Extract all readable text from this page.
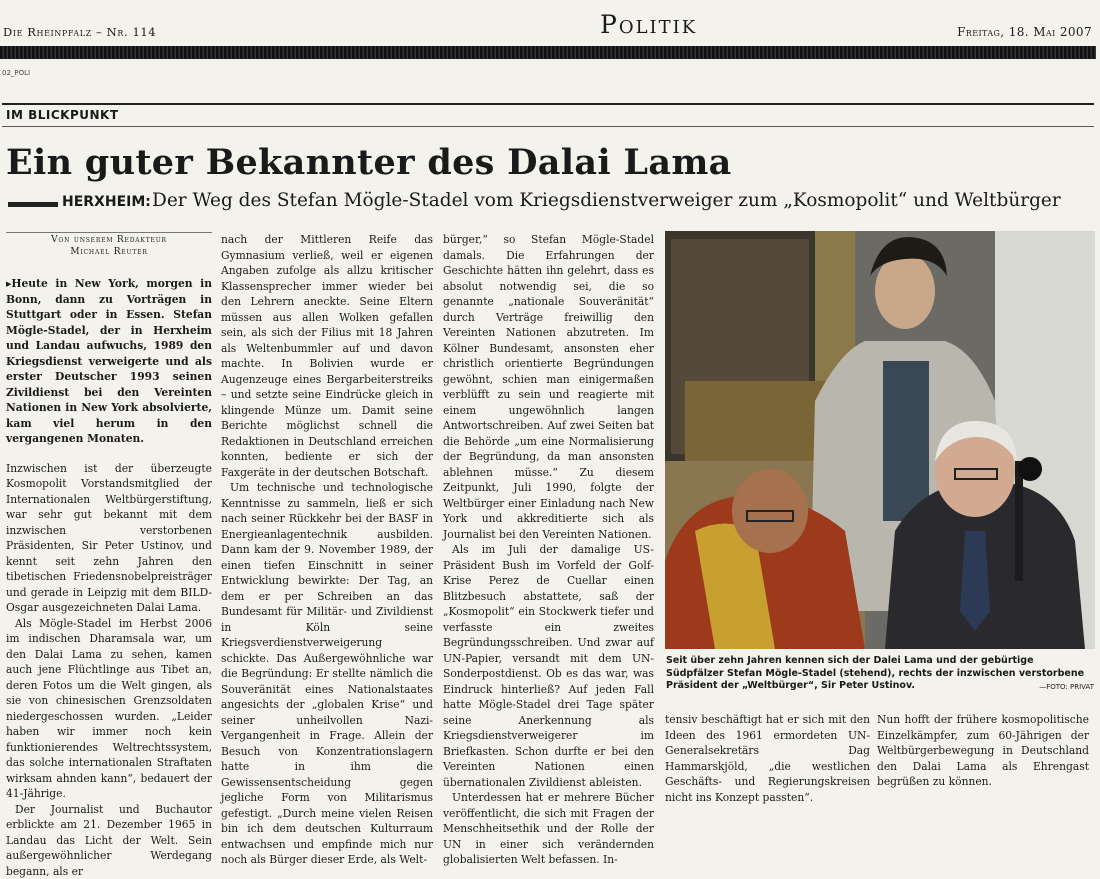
Die Rheinpfalz – Nr. 114	Politik	Freitag, 18. Mai 2007
02_POLI
IM BLICKPUNKT
Ein guter Bekannter des Dalai Lama
HERXHEIM: Der Weg des Stefan Mögle-Stadel vom Kriegsdienstverweiger zum „Kosmopolit“ und Weltbürger
Von unserem Redakteur
Michael Reuter
▸ Heute in New York, morgen in Bonn, dann zu Vorträgen in Stuttgart oder in Essen. Stefan Mögle-Stadel, der in Herxheim und Landau aufwuchs, 1989 den Kriegsdienst verweigerte und als erster Deutscher 1993 seinen Zivildienst bei den Vereinten Nationen in New York absolvierte, kam viel herum in den vergangenen Monaten.

Inzwischen ist der überzeugte Kosmopolit Vorstandsmitglied der Internationalen Weltbürgerstiftung, war sehr gut bekannt mit dem inzwischen verstorbenen Präsidenten, Sir Peter Ustinov, und kennt seit zehn Jahren den tibetischen Friedensnobelpreisträger und gerade in Leipzig mit dem BILD-Osgar ausgezeichneten Dalai Lama.

Als Mögle-Stadel im Herbst 2006 im indischen Dharamsala war, um den Dalai Lama zu sehen, kamen auch jene Flüchtlinge aus Tibet an, deren Fotos um die Welt gingen, als sie von chinesischen Grenzsoldaten niedergeschossen wurden. „Leider haben wir immer noch kein funktionierendes Weltrechtssystem, das solche internationalen Straftaten wirksam ahnden kann“, bedauert der 41-Jährige.

Der Journalist und Buchautor erblickte am 21. Dezember 1965 in Landau das Licht der Welt. Sein außergewöhnlicher Werdegang begann, als er

nach der Mittleren Reife das Gymnasium verließ, weil er eigenen Angaben zufolge als allzu kritischer Klassensprecher immer wieder bei den Lehrern aneckte. Seine Eltern müssen aus allen Wolken gefallen sein, als sich der Filius mit 18 Jahren als Weltenbummler auf und davon machte. In Bolivien wurde er Augenzeuge eines Bergarbeiterstreiks – und setzte seine Eindrücke gleich in klingende Münze um. Damit seine Berichte möglichst schnell die Redaktionen in Deutschland erreichen konnten, bediente er sich der Faxgeräte in der deutschen Botschaft.

Um technische und technologische Kenntnisse zu sammeln, ließ er sich nach seiner Rückkehr bei der BASF in Energieanlagentechnik ausbilden. Dann kam der 9. November 1989, der einen tiefen Einschnitt in seiner Entwicklung bewirkte: Der Tag, an dem er per Schreiben an das Bundesamt für Militär- und Zivildienst in Köln seine Kriegsverdienstverweigerung schickte. Das Außergewöhnliche war die Begründung: Er stellte nämlich die Souveränität eines Nationalstaates angesichts der „globalen Krise“ und seiner unheilvollen Nazi-Vergangenheit in Frage. Allein der Besuch von Konzentrationslagern hatte in ihm die Gewissensentscheidung gegen jegliche Form von Militarismus gefestigt. „Durch meine vielen Reisen bin ich dem deutschen Kulturraum entwachsen und empfinde mich nur noch als Bürger dieser Erde, als Welt-

bürger,“ so Stefan Mögle-Stadel damals. Die Erfahrungen der Geschichte hätten ihn gelehrt, dass es absolut notwendig sei, die so genannte „nationale Souveränität“ durch Verträge freiwillig den Vereinten Nationen abzutreten. Im Kölner Bundesamt, ansonsten eher christlich orientierte Begründungen gewöhnt, schien man einigermaßen verblüfft zu sein und reagierte mit einem ungewöhnlich langen Antwortschreiben. Auf zwei Seiten bat die Behörde „um eine Normalisierung der Begründung, da man ansonsten ablehnen müsse.“ Zu diesem Zeitpunkt, Juli 1990, folgte der Weltbürger einer Einladung nach New York und akkreditierte sich als Journalist bei den Vereinten Nationen.

Als im Juli der damalige US-Präsident Bush im Vorfeld der Golf-Krise Perez de Cuellar einen Blitzbesuch abstattete, saß der „Kosmopolit“ ein Stockwerk tiefer und verfasste ein zweites Begründungsschreiben. Und zwar auf UN-Papier, versandt mit dem UN-Sonderpostdienst. Ob es das war, was Eindruck hinterließ? Auf jeden Fall hatte Mögle-Stadel drei Tage später seine Anerkennung als Kriegsdienstverweigerer im Briefkasten. Schon durfte er bei den Vereinten Nationen einen übernationalen Zivildienst ableisten.

Unterdessen hat er mehrere Bücher veröffentlicht, die sich mit Fragen der Menschheitsethik und der Rolle der UN in einer sich verändernden globalisierten Welt befassen. In-

Seit über zehn Jahren kennen sich der Dalei Lama und der gebürtige Südpfälzer Stefan Mögle-Stadel (stehend), rechts der inzwischen verstorbene Präsident der „Weltbürger“, Sir Peter Ustinov.	—FOTO: PRIVAT

tensiv beschäftigt hat er sich mit den Ideen des 1961 ermordeten UN-Generalsekretärs Dag Hammarskjöld, „die westlichen Geschäfts- und Regierungskreisen nicht ins Konzept passten“.

Nun hofft der frühere kosmopolitische Einzelkämpfer, zum 60-Jährigen der Weltbürgerbewegung in Deutschland den Dalai Lama als Ehrengast begrüßen zu können.
